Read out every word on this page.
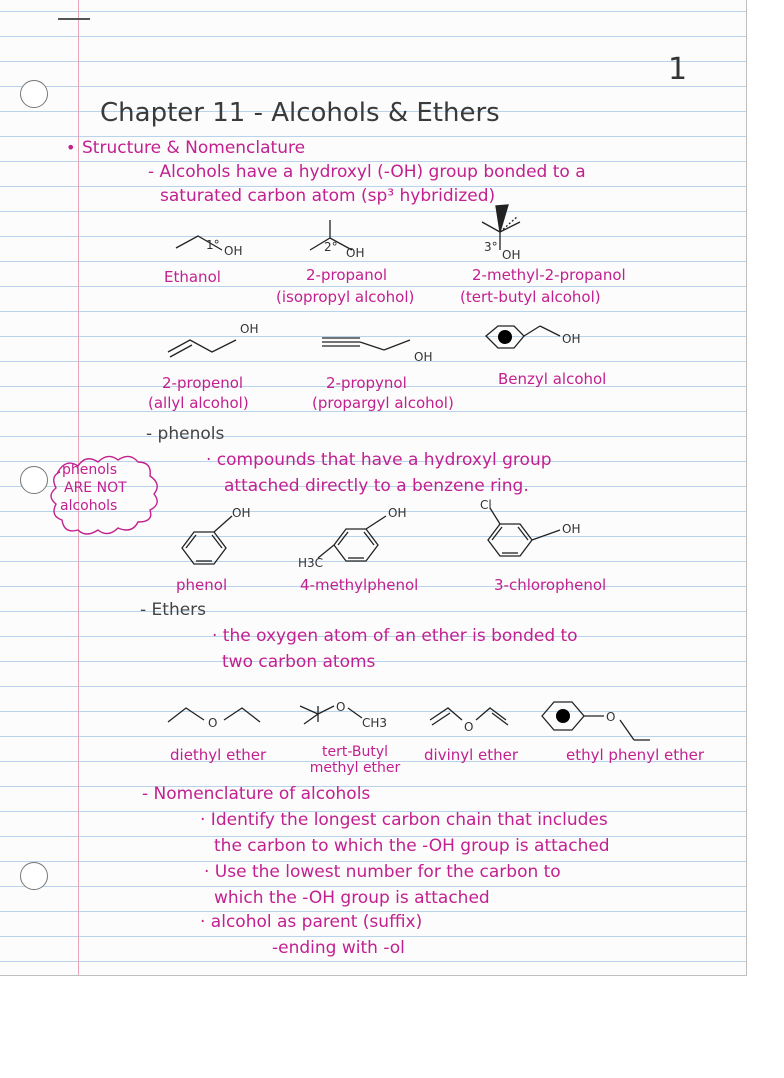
1
Chapter 11 - Alcohols & Ethers
• Structure & Nomenclature
- Alcohols have a hydroxyl (-OH) group bonded to a
saturated carbon atom (sp³ hybridized)
1° OH	2° OH	3°
OH
OH
OH
OH
Ethanol	2-propanol	2-methyl-2-propanol
(isopropyl alcohol)	(tert-butyl alcohol)
2-propenol	2-propynol	Benzyl alcohol
(allyl alcohol)	(propargyl alcohol)
- phenols
phenols
ARE NOT
alcohols
· compounds that have a hydroxyl group
attached directly to a benzene ring.
OH	OH
H3C
Cl
OH
phenol	4-methylphenol	3-chlorophenol
- Ethers
· the oxygen atom of an ether is bonded to
two carbon atoms
O
O
CH3	O
O
diethyl ether	tert-Butyl methyl ether
divinyl ether	ethyl phenyl ether
- Nomenclature of alcohols
· Identify the longest carbon chain that includes
the carbon to which the -OH group is attached
· Use the lowest number for the carbon to
which the -OH group is attached
· alcohol as parent (suffix)
-ending with -ol
